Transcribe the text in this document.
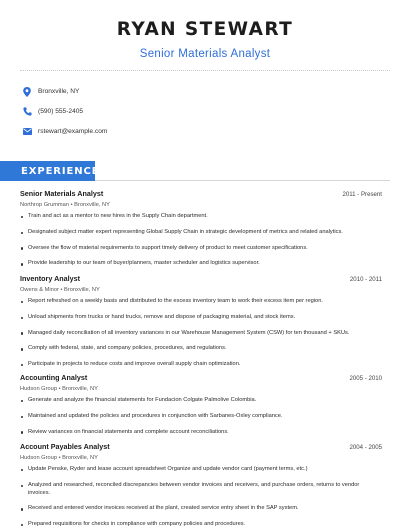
RYAN STEWART
Senior Materials Analyst
Bronxville, NY
(590) 555-2405
rstewart@example.com
EXPERIENCE
Senior Materials Analyst	2011 - Present
Northrop Grumman • Bronxville, NY
Train and act as a mentor to new hires in the Supply Chain department.
Designated subject matter expert representing Global Supply Chain in strategic development of metrics and related analytics.
Oversee the flow of material requirements to support timely delivery of product to meet customer specifications.
Provide leadership to our team of buyer/planners, master scheduler and logistics supervisor.
Inventory Analyst	2010 - 2011
Owens & Minor • Bronxville, NY
Report refreshed on a weekly basis and distributed to the excess inventory team to work their excess item per region.
Unload shipments from trucks or hand trucks, remove and dispose of packaging material, and stock items.
Managed daily reconciliation of all inventory variances in our Warehouse Management System (CSW) for ten thousand + SKUs.
Comply with federal, state, and company policies, procedures, and regulations.
Participate in projects to reduce costs and improve overall supply chain optimization.
Accounting Analyst	2005 - 2010
Hudson Group • Bronxville, NY
Generate and analyze the financial statements for Fundacion Colgate Palmolive Colombia.
Maintained and updated the policies and procedures in conjunction with Sarbanes-Oxley compliance.
Review variances on financial statements and complete account reconciliations.
Account Payables Analyst	2004 - 2005
Hudson Group • Bronxville, NY
Update Penske, Ryder and lease account spreadsheet Organize and update vendor card (payment terms, etc.)
Analyzed and researched, reconciled discrepancies between vendor invoices and receivers, and purchase orders, returns to vendor invoices.
Received and entered vendor invoices received at the plant, created service entry sheet in the SAP system.
Prepared requisitions for checks in compliance with company policies and procedures.
